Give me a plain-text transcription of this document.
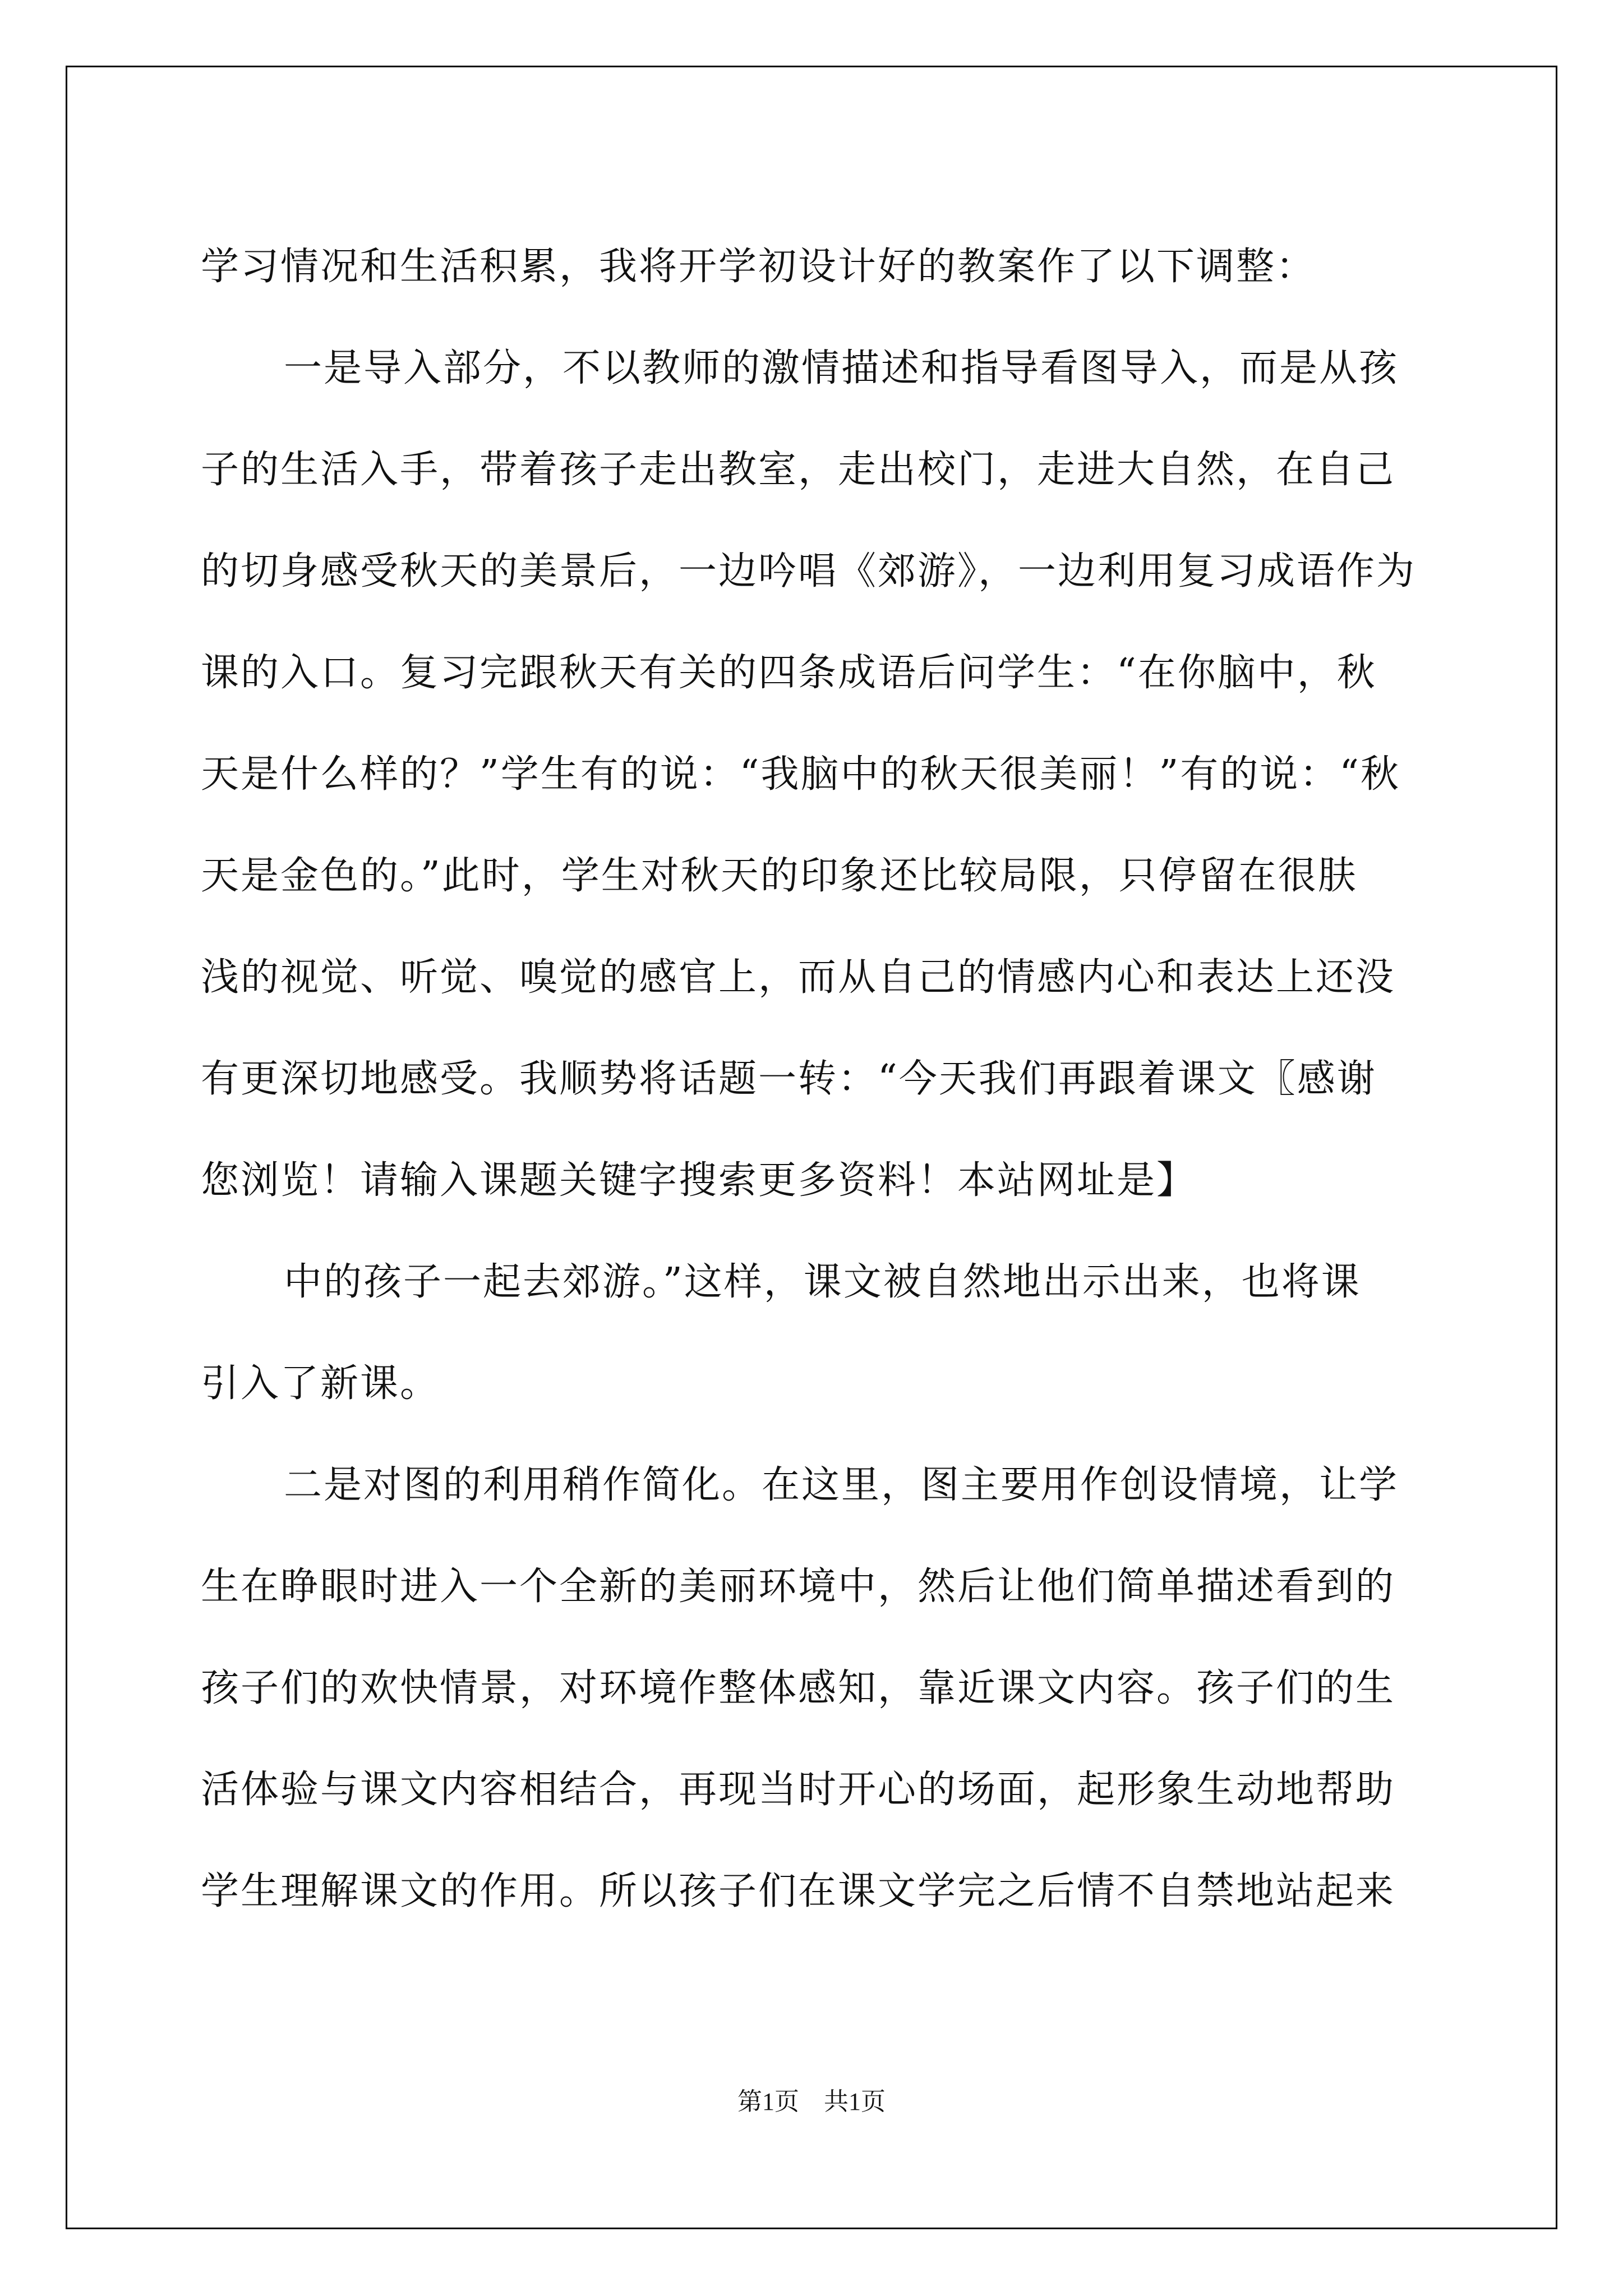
学习情况和生活积累，我将开学初设计好的教案作了以下调整：
一是导入部分，不以教师的激情描述和指导看图导入，而是从孩
子的生活入手，带着孩子走出教室，走出校门，走进大自然，在自己
的切身感受秋天的美景后，一边吟唱《郊游》，一边利用复习成语作为
课的入口。复习完跟秋天有关的四条成语后问学生：“在你脑中，秋
天是什么样的？”学生有的说：“我脑中的秋天很美丽！”有的说：“秋
天是金色的。”此时，学生对秋天的印象还比较局限，只停留在很肤
浅的视觉、听觉、嗅觉的感官上，而从自己的情感内心和表达上还没
有更深切地感受。我顺势将话题一转：“今天我们再跟着课文〖感谢
您浏览！请输入课题关键字搜索更多资料！本站网址是】
中的孩子一起去郊游。”这样，课文被自然地出示出来，也将课
引入了新课。
二是对图的利用稍作简化。在这里，图主要用作创设情境，让学
生在睁眼时进入一个全新的美丽环境中，然后让他们简单描述看到的
孩子们的欢快情景，对环境作整体感知，靠近课文内容。孩子们的生
活体验与课文内容相结合，再现当时开心的场面，起形象生动地帮助
学生理解课文的作用。所以孩子们在课文学完之后情不自禁地站起来
第1页　共1页
